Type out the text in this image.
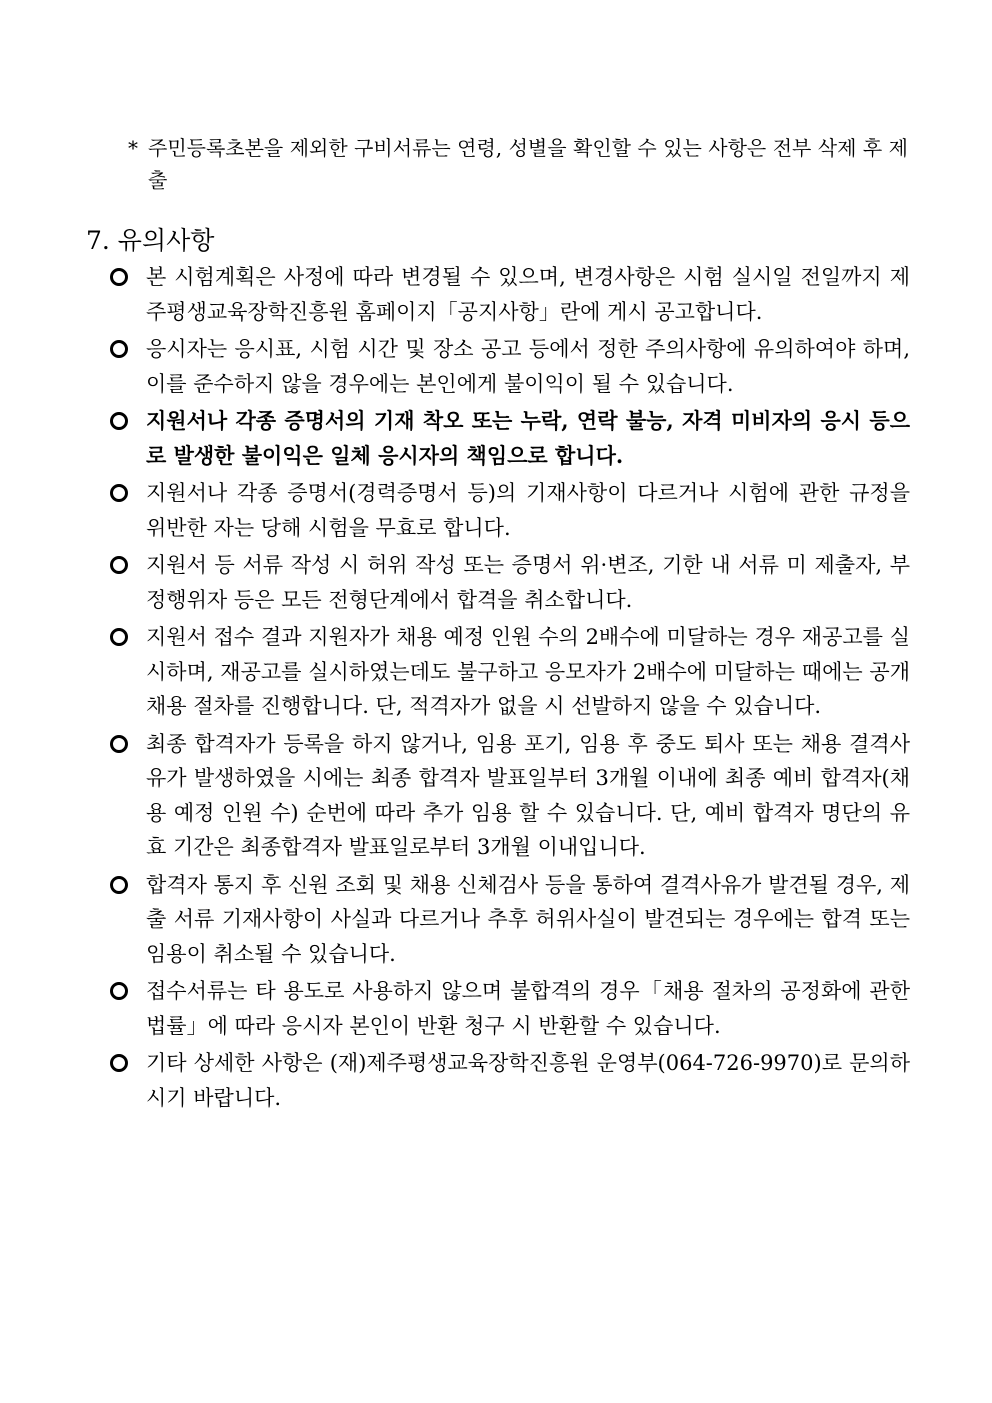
* 주민등록초본을 제외한 구비서류는 연령, 성별을 확인할 수 있는 사항은 전부 삭제 후 제출
7. 유의사항
본 시험계획은 사정에 따라 변경될 수 있으며, 변경사항은 시험 실시일 전일까지 제주평생교육장학진흥원 홈페이지「공지사항」란에 게시 공고합니다.
응시자는 응시표, 시험 시간 및 장소 공고 등에서 정한 주의사항에 유의하여야 하며, 이를 준수하지 않을 경우에는 본인에게 불이익이 될 수 있습니다.
지원서나 각종 증명서의 기재 착오 또는 누락, 연락 불능, 자격 미비자의 응시 등으로 발생한 불이익은 일체 응시자의 책임으로 합니다.
지원서나 각종 증명서(경력증명서 등)의 기재사항이 다르거나 시험에 관한 규정을 위반한 자는 당해 시험을 무효로 합니다.
지원서 등 서류 작성 시 허위 작성 또는 증명서 위·변조, 기한 내 서류 미 제출자, 부정행위자 등은 모든 전형단계에서 합격을 취소합니다.
지원서 접수 결과 지원자가 채용 예정 인원 수의 2배수에 미달하는 경우 재공고를 실시하며, 재공고를 실시하였는데도 불구하고 응모자가 2배수에 미달하는 때에는 공개 채용 절차를 진행합니다. 단, 적격자가 없을 시 선발하지 않을 수 있습니다.
최종 합격자가 등록을 하지 않거나, 임용 포기, 임용 후 중도 퇴사 또는 채용 결격사유가 발생하였을 시에는 최종 합격자 발표일부터 3개월 이내에 최종 예비 합격자(채용 예정 인원 수) 순번에 따라 추가 임용 할 수 있습니다. 단, 예비 합격자 명단의 유효 기간은 최종합격자 발표일로부터 3개월 이내입니다.
합격자 통지 후 신원 조회 및 채용 신체검사 등을 통하여 결격사유가 발견될 경우, 제출 서류 기재사항이 사실과 다르거나 추후 허위사실이 발견되는 경우에는 합격 또는 임용이 취소될 수 있습니다.
접수서류는 타 용도로 사용하지 않으며 불합격의 경우「채용 절차의 공정화에 관한 법률」에 따라 응시자 본인이 반환 청구 시 반환할 수 있습니다.
기타 상세한 사항은 (재)제주평생교육장학진흥원 운영부(064-726-9970)로 문의하시기 바랍니다.
